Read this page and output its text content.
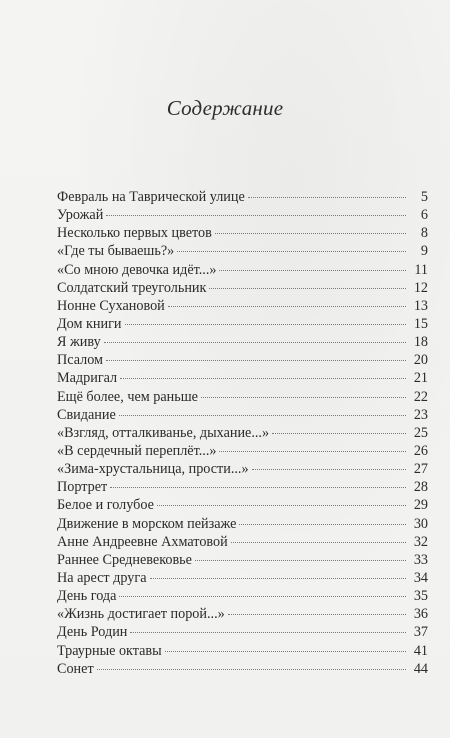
Содержание
Февраль на Таврической улице	5
Урожай	6
Несколько первых цветов	8
«Где ты бываешь?»	9
«Со мною девочка идёт...»	11
Солдатский треугольник	12
Нонне Сухановой	13
Дом книги	15
Я живу	18
Псалом	20
Мадригал	21
Ещё более, чем раньше	22
Свидание	23
«Взгляд, отталкиванье, дыхание...»	25
«В сердечный переплёт...»	26
«Зима-хрустальница, прости...»	27
Портрет	28
Белое и голубое	29
Движение в морском пейзаже	30
Анне Андреевне Ахматовой	32
Раннее Средневековье	33
На арест друга	34
День года	35
«Жизнь достигает порой...»	36
День Родин	37
Траурные октавы	41
Сонет	44
